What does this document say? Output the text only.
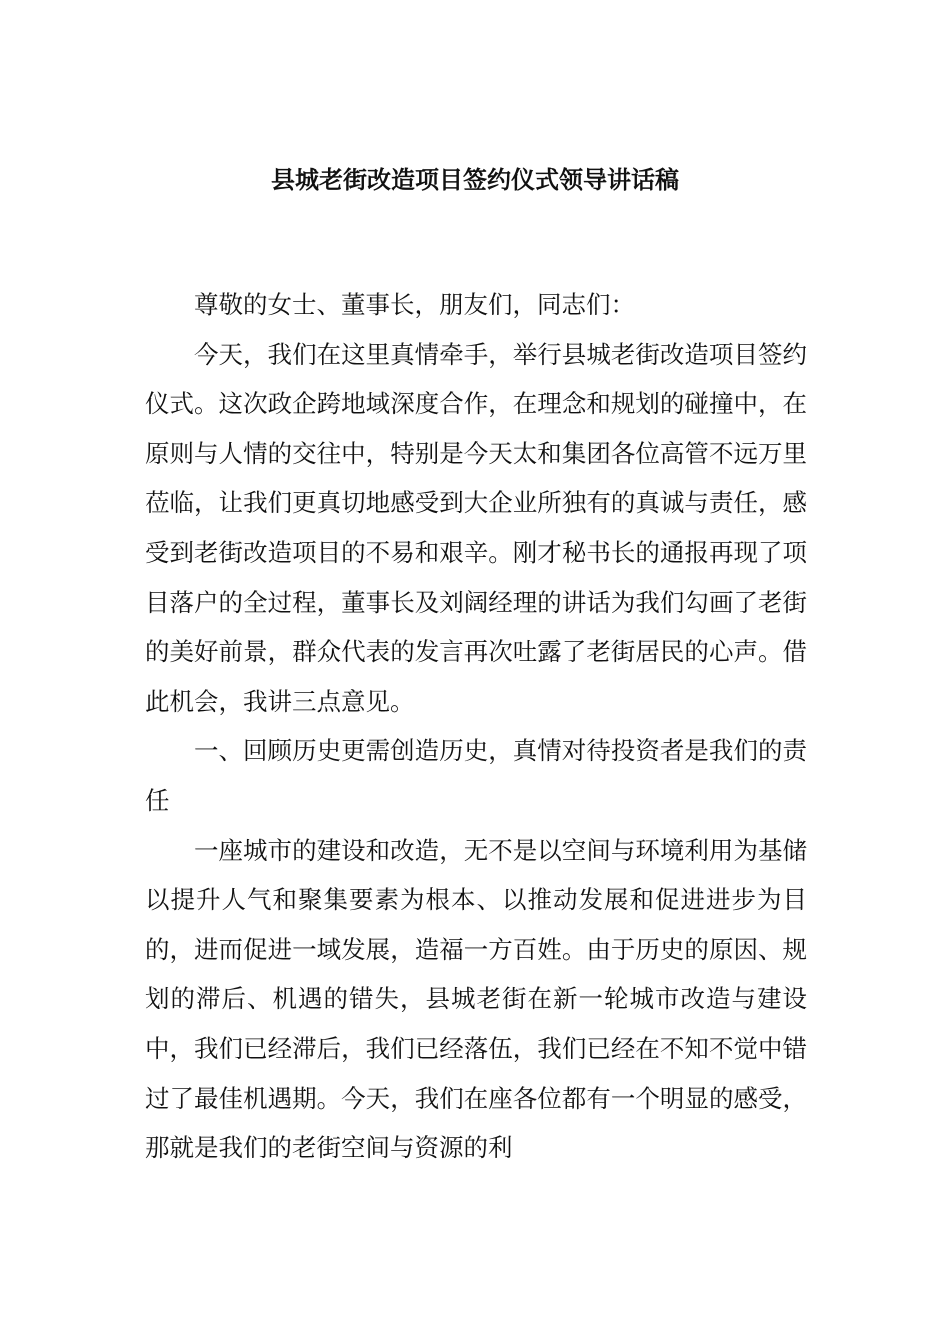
县城老街改造项目签约仪式领导讲话稿

尊敬的女士、董事长，朋友们，同志们：

今天，我们在这里真情牵手，举行县城老街改造项目签约仪式。这次政企跨地域深度合作，在理念和规划的碰撞中，在原则与人情的交往中，特别是今天太和集团各位高管不远万里莅临，让我们更真切地感受到大企业所独有的真诚与责任，感受到老街改造项目的不易和艰辛。刚才秘书长的通报再现了项目落户的全过程，董事长及刘阔经理的讲话为我们勾画了老街的美好前景，群众代表的发言再次吐露了老街居民的心声。借此机会，我讲三点意见。

一、回顾历史更需创造历史，真情对待投资者是我们的责任

一座城市的建设和改造，无不是以空间与环境利用为基储以提升人气和聚集要素为根本、以推动发展和促进进步为目的，进而促进一域发展，造福一方百姓。由于历史的原因、规划的滞后、机遇的错失，县城老街在新一轮城市改造与建设中，我们已经滞后，我们已经落伍，我们已经在不知不觉中错过了最佳机遇期。今天，我们在座各位都有一个明显的感受，那就是我们的老街空间与资源的利
